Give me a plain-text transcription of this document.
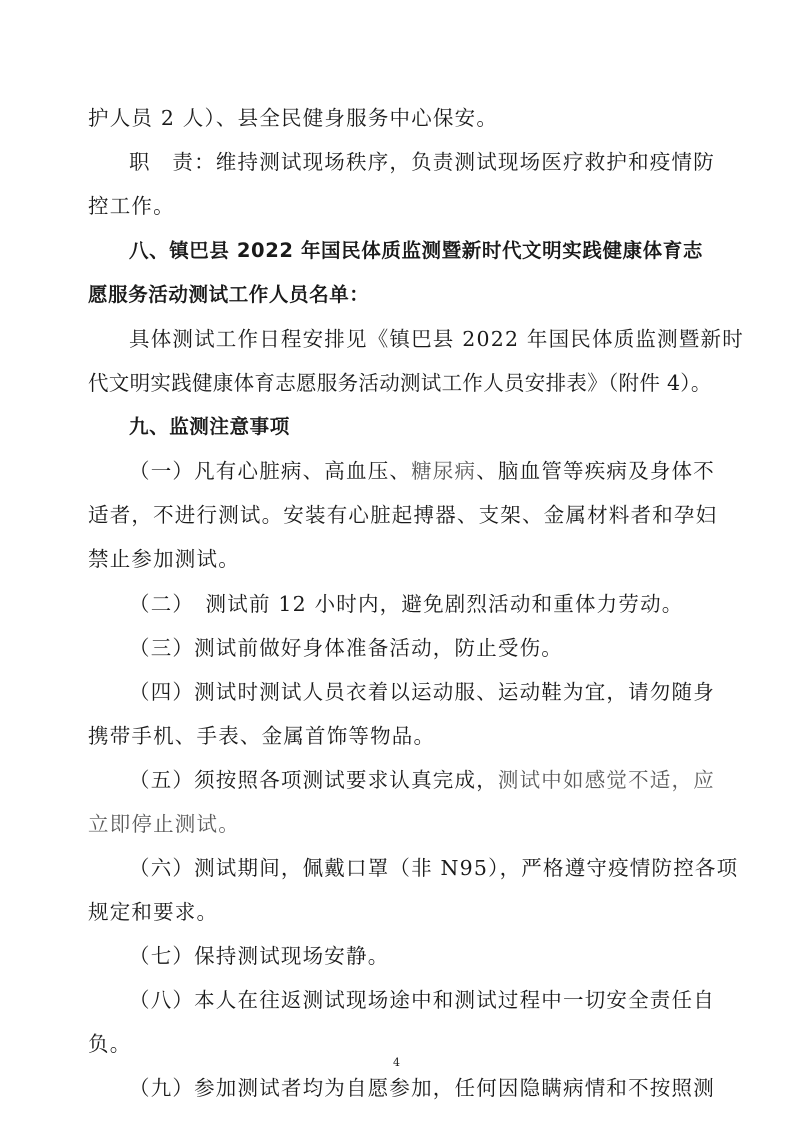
护人员 2 人）、县全民健身服务中心保安。
职　责：维持测试现场秩序，负责测试现场医疗救护和疫情防
控工作。
八、镇巴县 2022 年国民体质监测暨新时代文明实践健康体育志
愿服务活动测试工作人员名单：
具体测试工作日程安排见《镇巴县 2022 年国民体质监测暨新时
代文明实践健康体育志愿服务活动测试工作人员安排表》（附件 4）。
九、监测注意事项
（一）凡有心脏病、高血压、糖尿病、脑血管等疾病及身体不
适者，不进行测试。安装有心脏起搏器、支架、金属材料者和孕妇
禁止参加测试。
（二）　测试前 12 小时内，避免剧烈活动和重体力劳动。
（三）测试前做好身体准备活动，防止受伤。
（四）测试时测试人员衣着以运动服、运动鞋为宜，请勿随身
携带手机、手表、金属首饰等物品。
（五）须按照各项测试要求认真完成，测试中如感觉不适，应
立即停止测试。
（六）测试期间，佩戴口罩（非 N95），严格遵守疫情防控各项
规定和要求。
（七）保持测试现场安静。
（八）本人在往返测试现场途中和测试过程中一切安全责任自
负。
（九）参加测试者均为自愿参加，任何因隐瞒病情和不按照测
4
